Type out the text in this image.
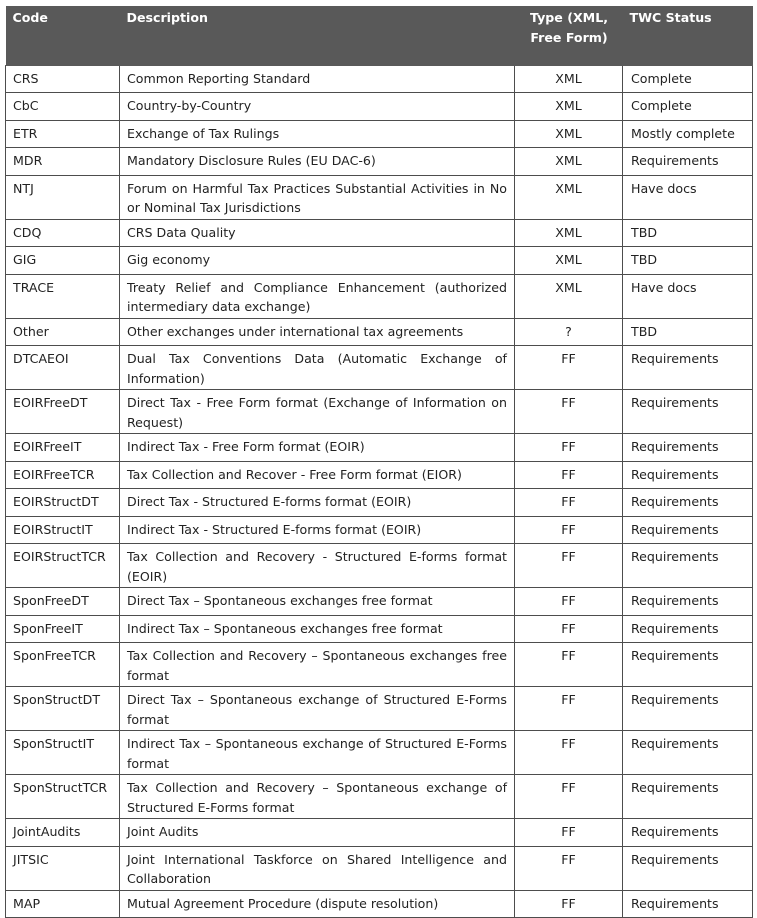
Code	Description	Type (XML, Free Form)	TWC Status
CRS	Common Reporting Standard	XML	Complete
CbC	Country-by-Country	XML	Complete
ETR	Exchange of Tax Rulings	XML	Mostly complete
MDR	Mandatory Disclosure Rules (EU DAC-6)	XML	Requirements
NTJ	Forum on Harmful Tax Practices Substantial Activities in No or Nominal Tax Jurisdictions	XML	Have docs
CDQ	CRS Data Quality	XML	TBD
GIG	Gig economy	XML	TBD
TRACE	Treaty Relief and Compliance Enhancement (authorized intermediary data exchange)	XML	Have docs
Other	Other exchanges under international tax agreements	?	TBD
DTCAEOI	Dual Tax Conventions Data (Automatic Exchange of Information)	FF	Requirements
EOIRFreeDT	Direct Tax - Free Form format (Exchange of Information on Request)	FF	Requirements
EOIRFreeIT	Indirect Tax - Free Form format (EOIR)	FF	Requirements
EOIRFreeTCR	Tax Collection and Recover - Free Form format (EIOR)	FF	Requirements
EOIRStructDT	Direct Tax - Structured E-forms format (EOIR)	FF	Requirements
EOIRStructIT	Indirect Tax - Structured E-forms format (EOIR)	FF	Requirements
EOIRStructTCR	Tax Collection and Recovery - Structured E-forms format (EOIR)	FF	Requirements
SponFreeDT	Direct Tax – Spontaneous exchanges free format	FF	Requirements
SponFreeIT	Indirect Tax – Spontaneous exchanges free format	FF	Requirements
SponFreeTCR	Tax Collection and Recovery – Spontaneous exchanges free format	FF	Requirements
SponStructDT	Direct Tax – Spontaneous exchange of Structured E-Forms format	FF	Requirements
SponStructIT	Indirect Tax – Spontaneous exchange of Structured E-Forms format	FF	Requirements
SponStructTCR	Tax Collection and Recovery – Spontaneous exchange of Structured E-Forms format	FF	Requirements
JointAudits	Joint Audits	FF	Requirements
JITSIC	Joint International Taskforce on Shared Intelligence and Collaboration	FF	Requirements
MAP	Mutual Agreement Procedure (dispute resolution)	FF	Requirements
